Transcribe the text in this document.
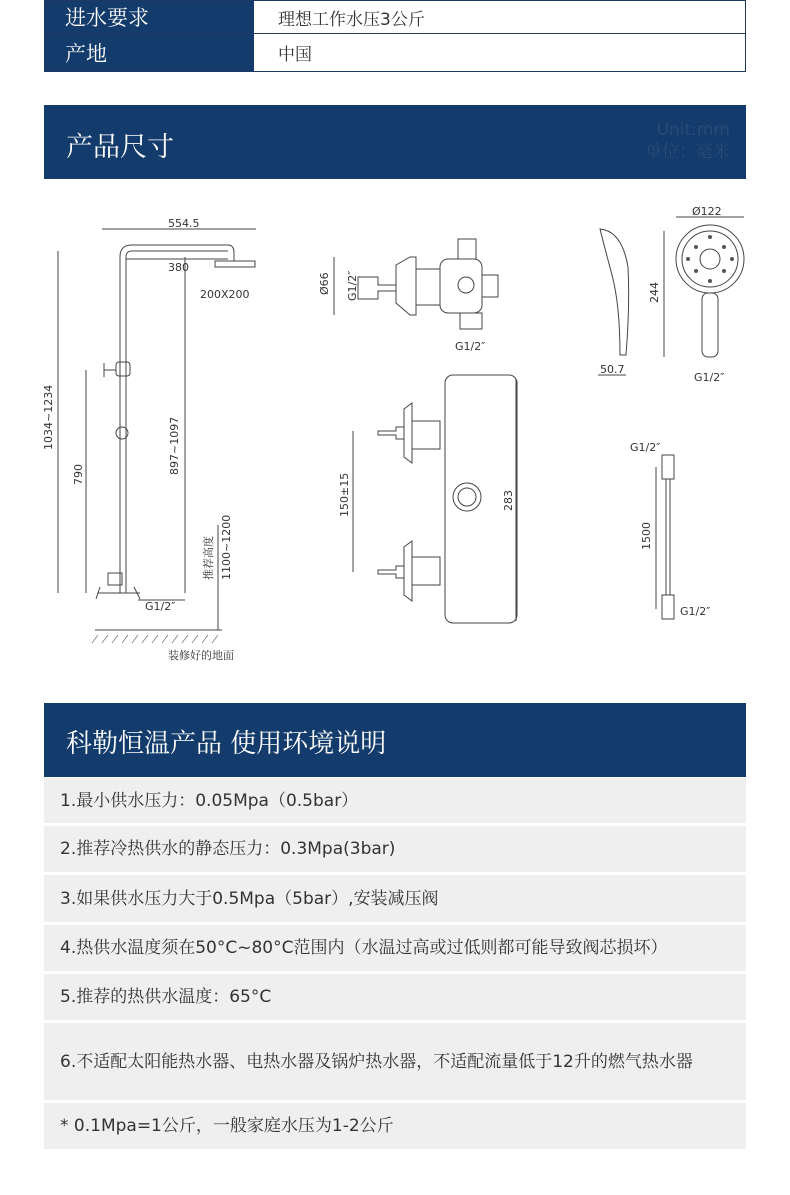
进水要求	理想工作水压3公斤
产地	中国
产品尺寸
Unit:mm
单位：毫米
554.5
380
200X200
1034~1234
790	897~1097
推荐高度 1100~1200
G1/2″
装修好的地面
Ø66 G1/2″
G1/2″
150±15	283
Ø122
244
50.7
G1/2″
G1/2″
1500
G1/2″
科勒恒温产品 使用环境说明
1.最小供水压力：0.05Mpa（0.5bar）
2.推荐冷热供水的静态压力：0.3Mpa(3bar)
3.如果供水压力大于0.5Mpa（5bar）,安装减压阀
4.热供水温度须在50°C~80°C范围内（水温过高或过低则都可能导致阀芯损坏）
5.推荐的热供水温度：65°C
6.不适配太阳能热水器、电热水器及锅炉热水器，不适配流量低于12升的燃气热水器
* 0.1Mpa=1公斤，一般家庭水压为1-2公斤
